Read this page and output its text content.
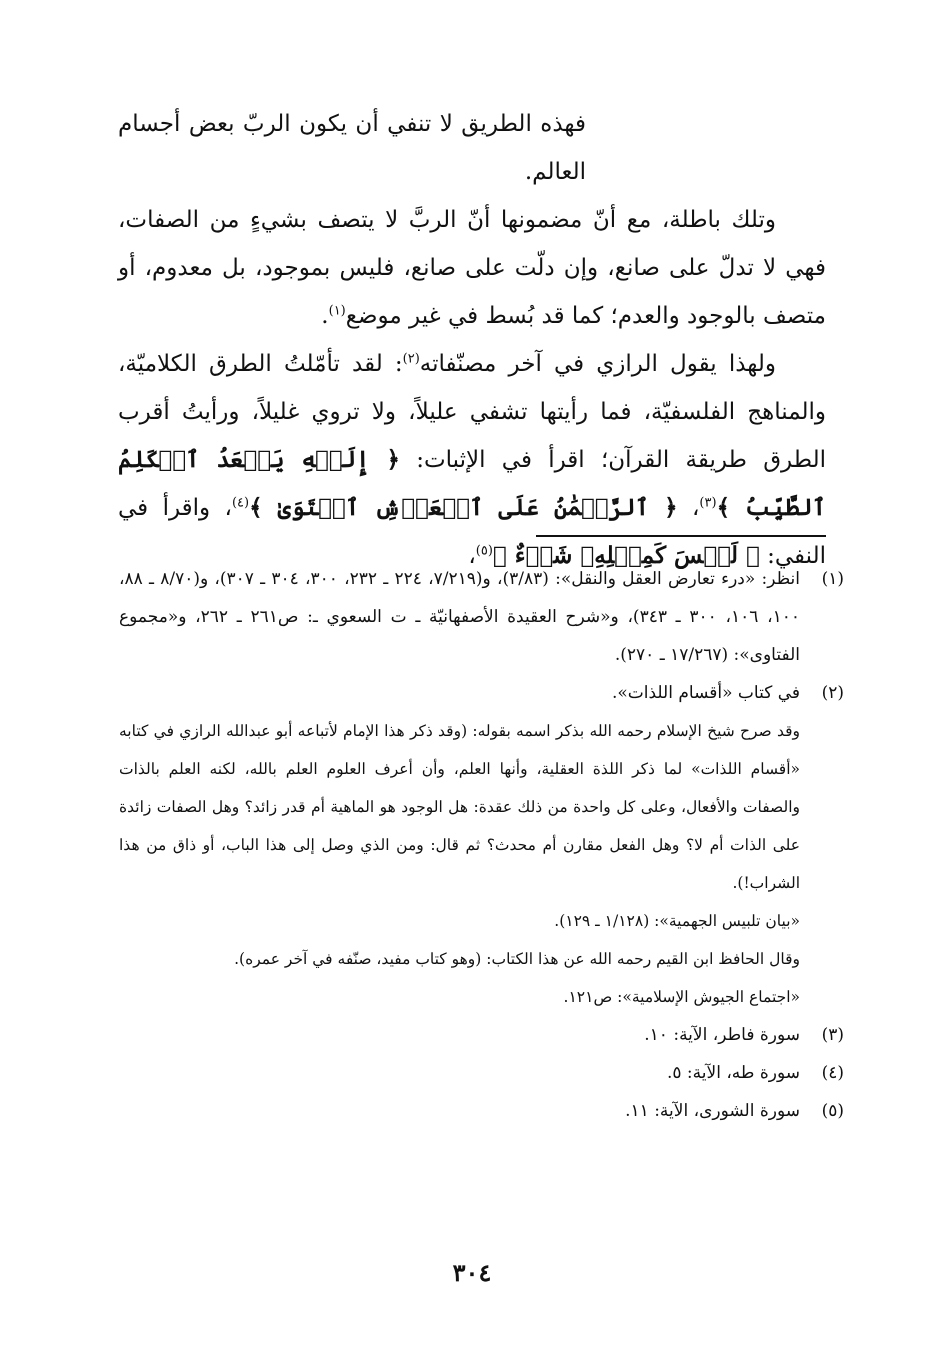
فهذه الطريق لا تنفي أن يكون الربّ بعض أجسام العالم.

وتلك باطلة، مع أنّ مضمونها أنّ الربَّ لا يتصف بشيءٍ من الصفات، فهي لا تدلّ على صانع، وإن دلّت على صانع، فليس بموجود، بل معدوم، أو متصف بالوجود والعدم؛ كما قد بُسط في غير موضع$^{(١)}$.

ولهذا يقول الرازي في آخر مصنّفاته$^{(٢)}$: لقد تأمّلتُ الطرق الكلاميّة، والمناهج الفلسفيّة، فما رأيتها تشفي عليلاً، ولا تروي غليلاً، ورأيتُ أقرب الطرق طريقة القرآن؛ اقرأ في الإثبات: ﴿ إِلَيۡهِ يَصۡعَدُ ٱلۡكَلِمُ ٱلطَّيِّبُ ﴾$^{(٣)}$، ﴿ ٱلرَّحۡمَٰنُ عَلَى ٱلۡعَرۡشِ ٱسۡتَوَىٰ ﴾$^{(٤)}$، واقرأ في النفي: ﴿ لَيۡسَ كَمِثۡلِهِۦ شَيۡءٌ ﴾$^{(٥)}$،

(١)

انظر: «درء تعارض العقل والنقل»: (٣/٨٣)، و(٧/٢١٩، ٢٢٤ ـ ٢٣٢، ٣٠٠، ٣٠٤ ـ ٣٠٧)، و(٨/٧٠ ـ ٨٨، ١٠٠، ١٠٦، ٣٠٠ ـ ٣٤٣)، و«شرح العقيدة الأصفهانيّة ـ ت السعوي ـ: ص٢٦١ ـ ٢٦٢، و«مجموع الفتاوى»: (١٧/٢٦٧ ـ ٢٧٠).

(٢)

في كتاب «أقسام اللذات».

وقد صرح شيخ الإسلام رحمه الله بذكر اسمه بقوله: (وقد ذكر هذا الإمام لأتباعه أبو عبدالله الرازي في كتابه «أقسام اللذات» لما ذكر اللذة العقلية، وأنها العلم، وأن أعرف العلوم العلم بالله، لكنه العلم بالذات والصفات والأفعال، وعلى كل واحدة من ذلك عقدة: هل الوجود هو الماهية أم قدر زائد؟ وهل الصفات زائدة على الذات أم لا؟ وهل الفعل مقارن أم محدث؟ ثم قال: ومن الذي وصل إلى هذا الباب، أو ذاق من هذا الشراب!).

«بيان تلبيس الجهمية»: (١/١٢٨ ـ ١٢٩).

وقال الحافظ ابن القيم رحمه الله عن هذا الكتاب: (وهو كتاب مفيد، صنّفه في آخر عمره).

«اجتماع الجيوش الإسلامية»: ص١٢١.

(٣)

سورة فاطر، الآية: ١٠.

(٤)

سورة طه، الآية: ٥.

(٥)

سورة الشورى، الآية: ١١.

٣٠٤
